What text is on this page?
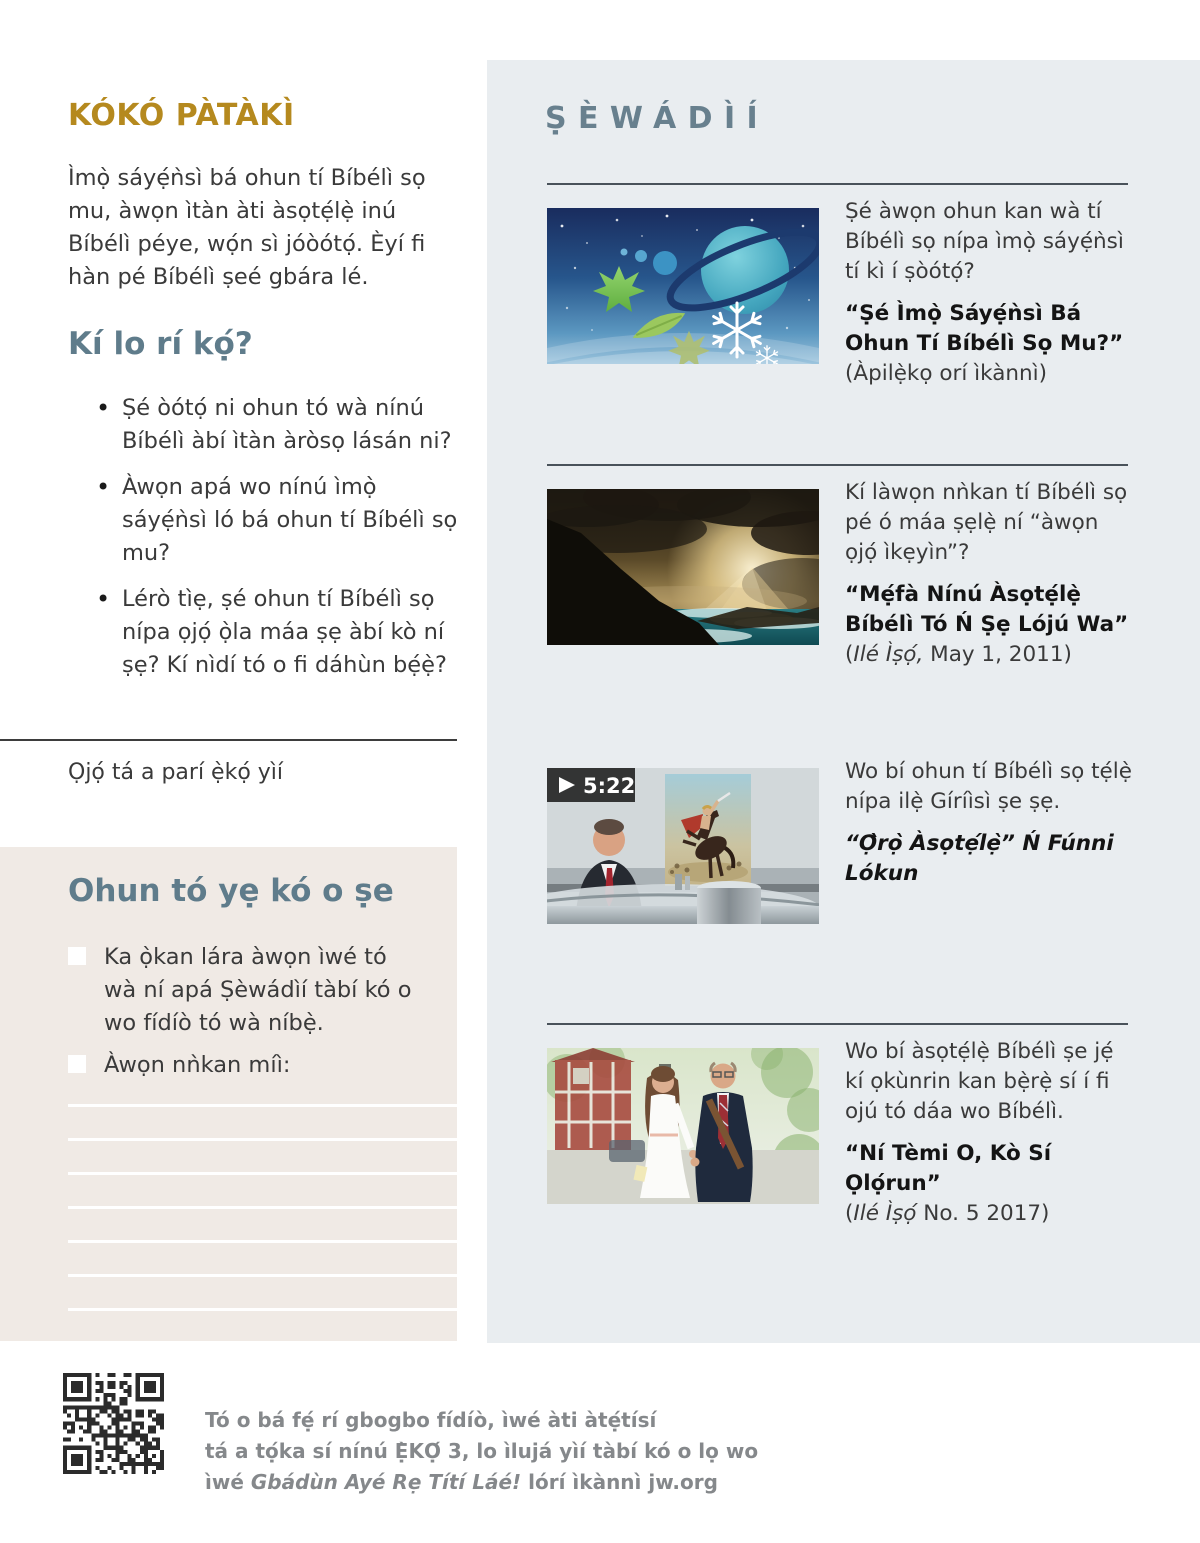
KÓKÓ PÀTÀKÌ

Ìmọ̀ sáyẹ́ǹsì bá ohun tí Bíbélì sọ mu, àwọn ìtàn àti àsọtẹ́lẹ̀ inú Bíbélì péye, wọ́n sì jóòótọ́. Èyí fi hàn pé Bíbélì ṣeé gbára lé.

Kí lo rí kọ́?
• Ṣé òótọ́ ni ohun tó wà nínú Bíbélì àbí ìtàn àròsọ lásán ni?
• Àwọn apá wo nínú ìmọ̀ sáyẹ́ǹsì ló bá ohun tí Bíbélì sọ mu?
• Lérò tìẹ, ṣé ohun tí Bíbélì sọ nípa ọjọ́ ọ̀la máa ṣẹ àbí kò ní ṣẹ? Kí nìdí tó o fi dáhùn bẹ́ẹ̀?

Ọjọ́ tá a parí ẹ̀kọ́ yìí

Ohun tó yẹ kó o ṣe
Ka ọ̀kan lára àwọn ìwé tó wà ní apá Ṣèwádìí tàbí kó o wo fídíò tó wà níbẹ̀.
Àwọn nǹkan míì:
ṢÈWÁDÌÍ

Ṣé àwọn ohun kan wà tí Bíbélì sọ nípa ìmọ̀ sáyẹ́ǹsì tí kì í ṣòótọ́?

“Ṣé Ìmọ̀ Sáyẹ́ǹsì Bá Ohun Tí Bíbélì Sọ Mu?”

(Àpilẹ̀kọ orí ìkànnì)

Kí làwọn nǹkan tí Bíbélì sọ pé ó máa ṣẹlẹ̀ ní “àwọn ọjọ́ ìkẹyìn”?

“Mẹ́fà Nínú Àsọtẹ́lẹ̀ Bíbélì Tó Ń Ṣẹ Lójú Wa”

(Ilé Ìṣọ́, May 1, 2011)

5:22

Wo bí ohun tí Bíbélì sọ tẹ́lẹ̀ nípa ilẹ̀ Gíríìsì ṣe ṣẹ.

“Ọ̀rọ̀ Àsọtẹ́lẹ̀” Ń Fúnni Lókun

Wo bí àsọtẹ́lẹ̀ Bíbélì ṣe jẹ́ kí ọkùnrin kan bẹ̀rẹ̀ sí í fi ojú tó dáa wo Bíbélì.

“Ní Tèmi O, Kò Sí Ọlọ́run”

(Ilé Ìṣọ́ No. 5 2017)

Tó o bá fẹ́ rí gbogbo fídíò, ìwé àti àtẹ́tísí

tá a tọ́ka sí nínú Ẹ̀KỌ́ 3, lo ìlujá yìí tàbí kó o lọ wo

ìwé Gbádùn Ayé Rẹ Títí Láé! lórí ìkànnì jw.org
